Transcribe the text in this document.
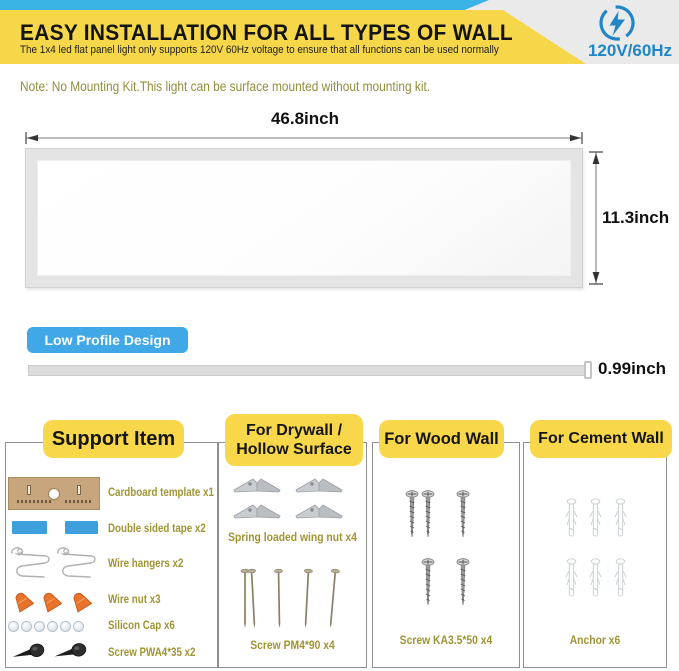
EASY INSTALLATION FOR ALL TYPES OF WALL
The 1x4 led flat panel light only supports 120V 60Hz voltage to ensure that all functions can be used normally	120V/60Hz
Note: No Mounting Kit.This light can be surface mounted without mounting kit.
46.8inch
11.3inch
Low Profile Design
0.99inch
Support Item	For Drywall / Hollow Surface
For Wood Wall	For Cement Wall
Cardboard template x1
Double sided tape x2
Wire hangers x2
Wire nut x3
Silicon Cap x6
Screw PWA4*35 x2
Spring loaded wing nut x4
Screw PM4*90 x4	Screw KA3.5*50 x4	Anchor x6
